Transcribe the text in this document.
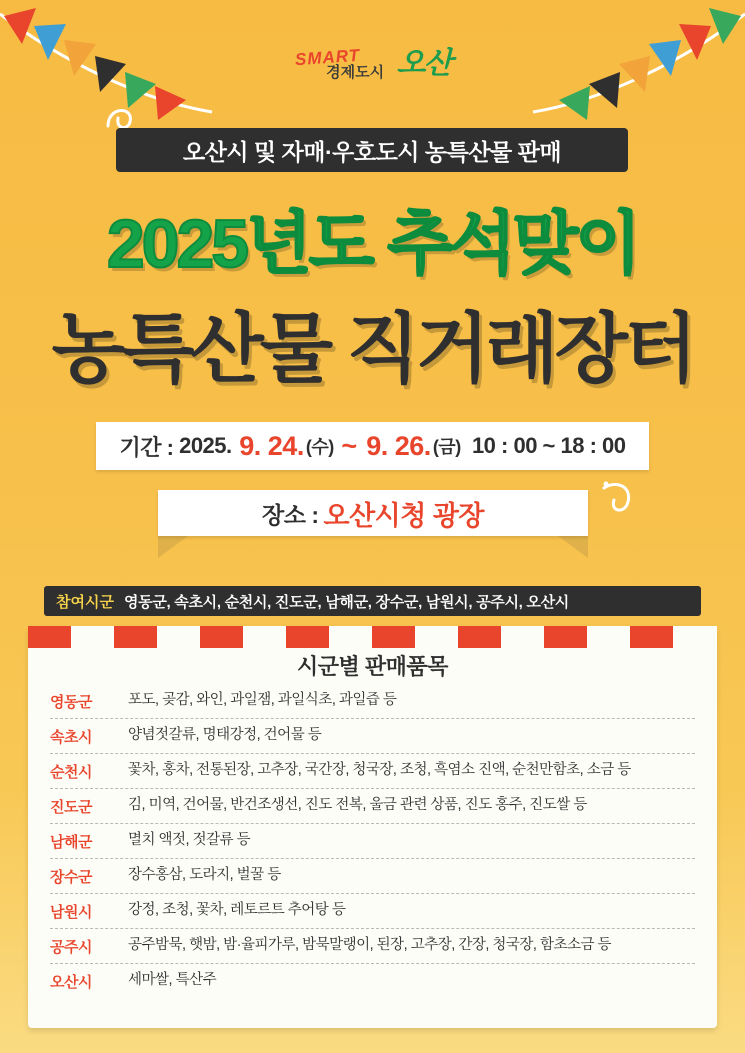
SMART 경제도시 오산
오산시 및 자매·우호도시 농특산물 판매
2025년도 추석맞이
농특산물 직거래장터
기간 :
2025.
9. 24. (수)
~
9. 26. (금)
10 : 00 ~ 18 : 00
장소 : 오산시청 광장
참여시군 영동군, 속초시, 순천시, 진도군, 남해군, 장수군, 남원시, 공주시, 오산시
시군별 판매품목
영동군	포도, 곶감, 와인, 과일잼, 과일식초, 과일즙 등
속초시	양념젓갈류, 명태강정, 건어물 등
순천시	꽃차, 홍차, 전통된장, 고추장, 국간장, 청국장, 조청, 흑염소 진액, 순천만함초, 소금 등
진도군	김, 미역, 건어물, 반건조생선, 진도 전복, 울금 관련 상품, 진도 홍주, 진도쌀 등
남해군	멸치 액젓, 젓갈류 등
장수군	장수홍삼, 도라지, 벌꿀 등
남원시	강정, 조청, 꽃차, 레토르트 추어탕 등
공주시	공주밤묵, 햇밤, 밤·율피가루, 밤묵말랭이, 된장, 고추장, 간장, 청국장, 함초소금 등
오산시	세마쌀, 특산주
